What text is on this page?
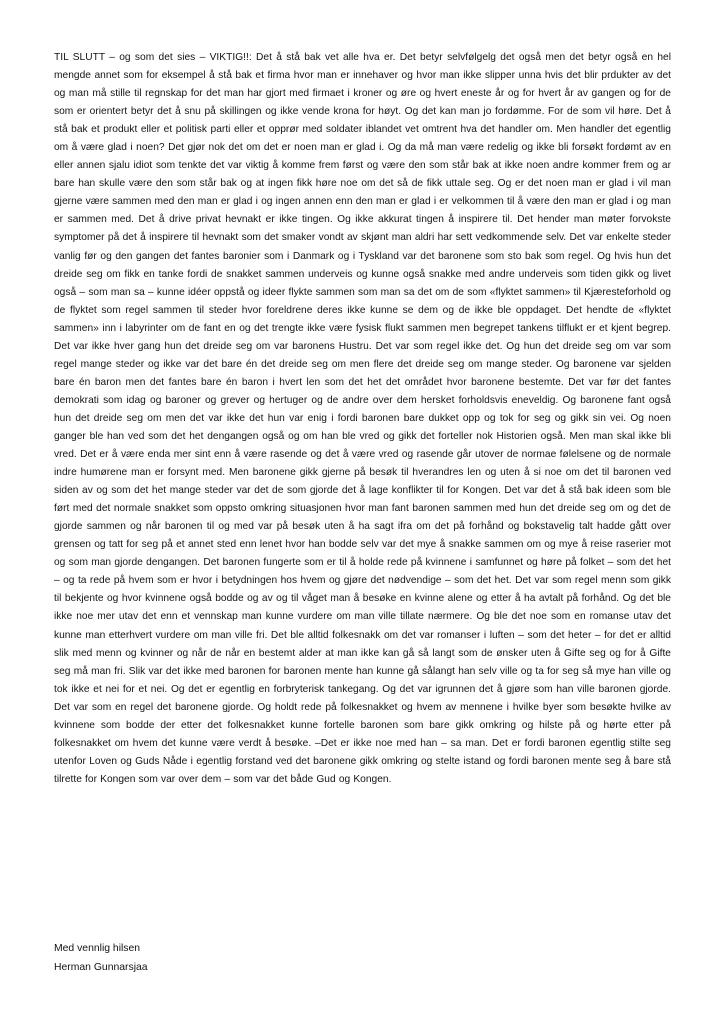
TIL SLUTT – og som det sies – VIKTIG!!: Det å stå bak vet alle hva er. Det betyr selvfølgelg det også men det betyr også en hel mengde annet som for eksempel å stå bak et firma hvor man er innehaver og hvor man ikke slipper unna hvis det blir prdukter av det og man må stille til regnskap for det man har gjort med firmaet i kroner og øre og hvert eneste år og for hvert år av gangen og for de som er orientert betyr det å snu på skillingen og ikke vende krona for høyt. Og det kan man jo fordømme. For de som vil høre. Det å stå bak et produkt eller et politisk parti eller et opprør med soldater iblandet vet omtrent hva det handler om. Men handler det egentlig om å være glad i noen? Det gjør nok det om det er noen man er glad i. Og da må man være redelig og ikke bli forsøkt fordømt av en eller annen sjalu idiot som tenkte det var viktig å komme frem først og være den som står bak at ikke noen andre kommer frem og ar bare han skulle være den som står bak og at ingen fikk høre noe om det så de fikk uttale seg. Og er det noen man er glad i vil man gjerne være sammen med den man er glad i og ingen annen enn den man er glad i er velkommen til å være den man er glad i og man er sammen med. Det å drive privat hevnakt er ikke tingen. Og ikke akkurat tingen å inspirere til. Det hender man møter forvokste symptomer på det å inspirere til hevnakt som det smaker vondt av skjønt man aldri har sett vedkommende selv. Det var enkelte steder vanlig før og den gangen det fantes baronier som i Danmark og i Tyskland var det baronene som sto bak som regel. Og hvis hun det dreide seg om fikk en tanke fordi de snakket sammen underveis og kunne også snakke med andre underveis som tiden gikk og livet også – som man sa – kunne idéer oppstå og ideer flykte sammen som man sa det om de som «flyktet sammen» til Kjæresteforhold og de flyktet som regel sammen til steder hvor foreldrene deres ikke kunne se dem og de ikke ble oppdaget. Det hendte de «flyktet sammen» inn i labyrinter om de fant en og det trengte ikke være fysisk flukt sammen men begrepet tankens tilflukt er et kjent begrep. Det var ikke hver gang hun det dreide seg om var baronens Hustru. Det var som regel ikke det. Og hun det dreide seg om var som regel mange steder og ikke var det bare én det dreide seg om men flere det dreide seg om mange steder. Og baronene var sjelden bare én baron men det fantes bare én baron i hvert len som det het det området hvor baronene bestemte. Det var før det fantes demokrati som idag og baroner og grever og hertuger og de andre over dem hersket forholdsvis eneveldig. Og baronene fant også hun det dreide seg om men det var ikke det hun var enig i fordi baronen bare dukket opp og tok for seg og gikk sin vei. Og noen ganger ble han ved som det het dengangen også og om han ble vred og gikk det forteller nok Historien også. Men man skal ikke bli vred. Det er å være enda mer sint enn å være rasende og det å være vred og rasende går utover de normae følelsene og de normale indre humørene man er forsynt med. Men baronene gikk gjerne på besøk til hverandres len og uten å si noe om det til baronen ved siden av og som det het mange steder var det de som gjorde det å lage konflikter til for Kongen. Det var det å stå bak ideen som ble ført med det normale snakket som oppsto omkring situasjonen hvor man fant baronen sammen med hun det dreide seg om og det de gjorde sammen og når baronen til og med var på besøk uten å ha sagt ifra om det på forhånd og bokstavelig talt hadde gått over grensen og tatt for seg på et annet sted enn lenet hvor han bodde selv var det mye å snakke sammen om og mye å reise raserier mot og som man gjorde dengangen. Det baronen fungerte som er til å holde rede på kvinnene i samfunnet og høre på folket – som det het – og ta rede på hvem som er hvor i betydningen hos hvem og gjøre det nødvendige – som det het. Det var som regel menn som gikk til bekjente og hvor kvinnene også bodde og av og til våget man å besøke en kvinne alene og etter å ha avtalt på forhånd. Og det ble ikke noe mer utav det enn et vennskap man kunne vurdere om man ville tillate nærmere. Og ble det noe som en romanse utav det kunne man etterhvert vurdere om man ville fri. Det ble alltid folkesnakk om det var romanser i luften – som det heter – for det er alltid slik med menn og kvinner og når de når en bestemt alder at man ikke kan gå så langt som de ønsker uten å Gifte seg og for å Gifte seg må man fri. Slik var det ikke med baronen for baronen mente han kunne gå sålangt han selv ville og ta for seg så mye han ville og tok ikke et nei for et nei. Og det er egentlig en forbryterisk tankegang. Og det var igrunnen det å gjøre som han ville baronen gjorde. Det var som en regel det baronene gjorde. Og holdt rede på folkesnakket og hvem av mennene i hvilke byer som besøkte hvilke av kvinnene som bodde der etter det folkesnakket kunne fortelle baronen som bare gikk omkring og hilste på og hørte etter på folkesnakket om hvem det kunne være verdt å besøke. –Det er ikke noe med han – sa man. Det er fordi baronen egentlig stilte seg utenfor Loven og Guds Nåde i egentlig forstand ved det baronene gikk omkring og stelte istand og fordi baronen mente seg å bare stå tilrette for Kongen som var over dem – som var det både Gud og Kongen.

Med vennlig hilsen
Herman Gunnarsjaa
